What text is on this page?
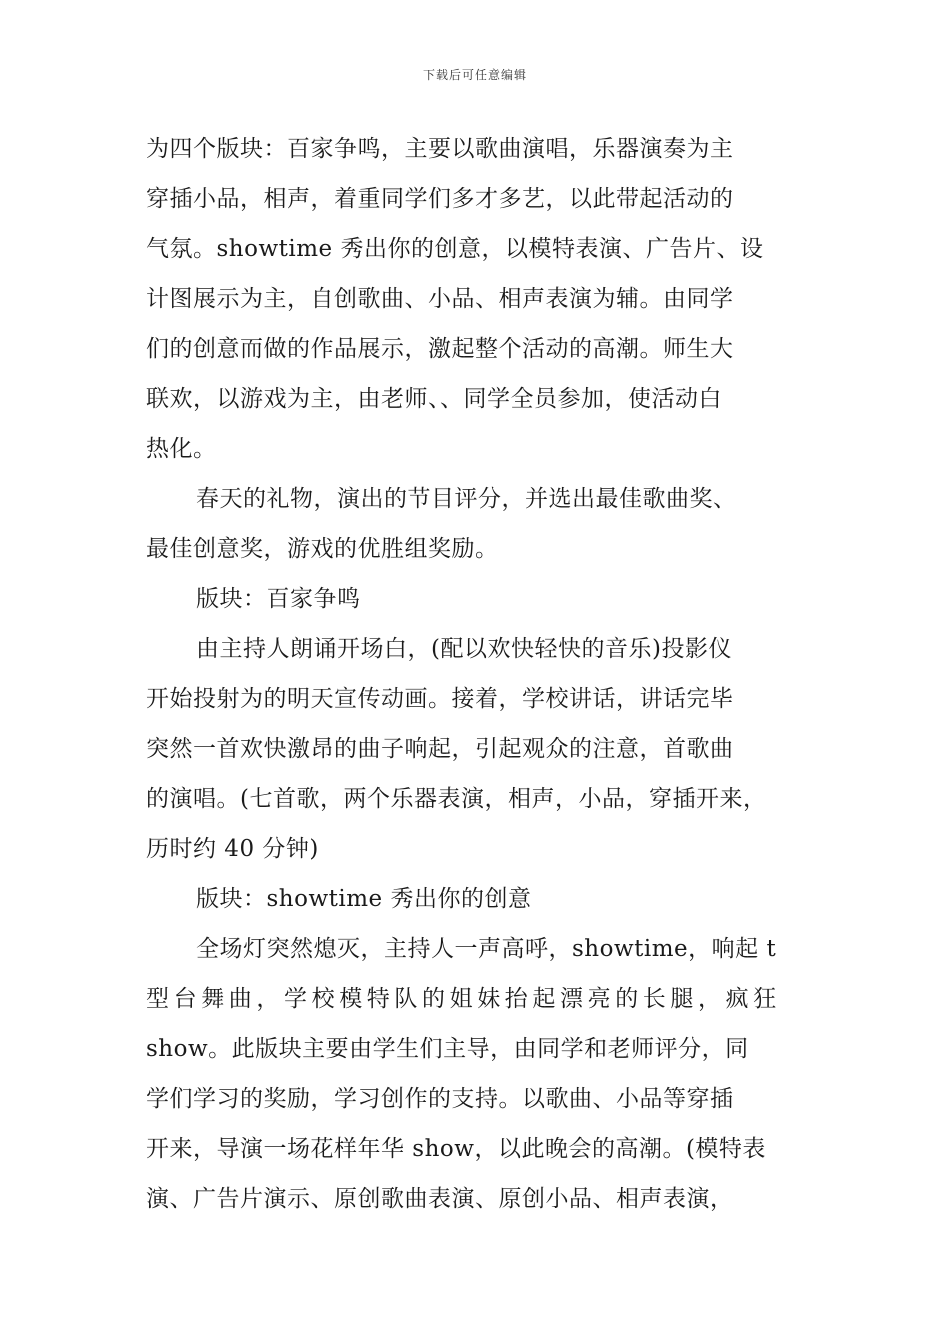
下载后可任意编辑
为四个版块：百家争鸣，主要以歌曲演唱，乐器演奏为主
穿插小品，相声，着重同学们多才多艺，以此带起活动的
气氛。showtime 秀出你的创意，以模特表演、广告片、设
计图展示为主，自创歌曲、小品、相声表演为辅。由同学
们的创意而做的作品展示，激起整个活动的高潮。师生大
联欢，以游戏为主，由老师、、同学全员参加，使活动白
热化。
春天的礼物，演出的节目评分，并选出最佳歌曲奖、
最佳创意奖，游戏的优胜组奖励。
版块：百家争鸣
由主持人朗诵开场白，(配以欢快轻快的音乐)投影仪
开始投射为的明天宣传动画。接着，学校讲话，讲话完毕
突然一首欢快激昂的曲子响起，引起观众的注意，首歌曲
的演唱。(七首歌，两个乐器表演，相声，小品，穿插开来，
历时约 40 分钟)
版块：showtime 秀出你的创意
全场灯突然熄灭，主持人一声高呼，showtime，响起 t
型台舞曲，学校模特队的姐妹抬起漂亮的长腿，疯狂
show。此版块主要由学生们主导，由同学和老师评分，同
学们学习的奖励，学习创作的支持。以歌曲、小品等穿插
开来，导演一场花样年华 show，以此晚会的高潮。(模特表
演、广告片演示、原创歌曲表演、原创小品、相声表演，
